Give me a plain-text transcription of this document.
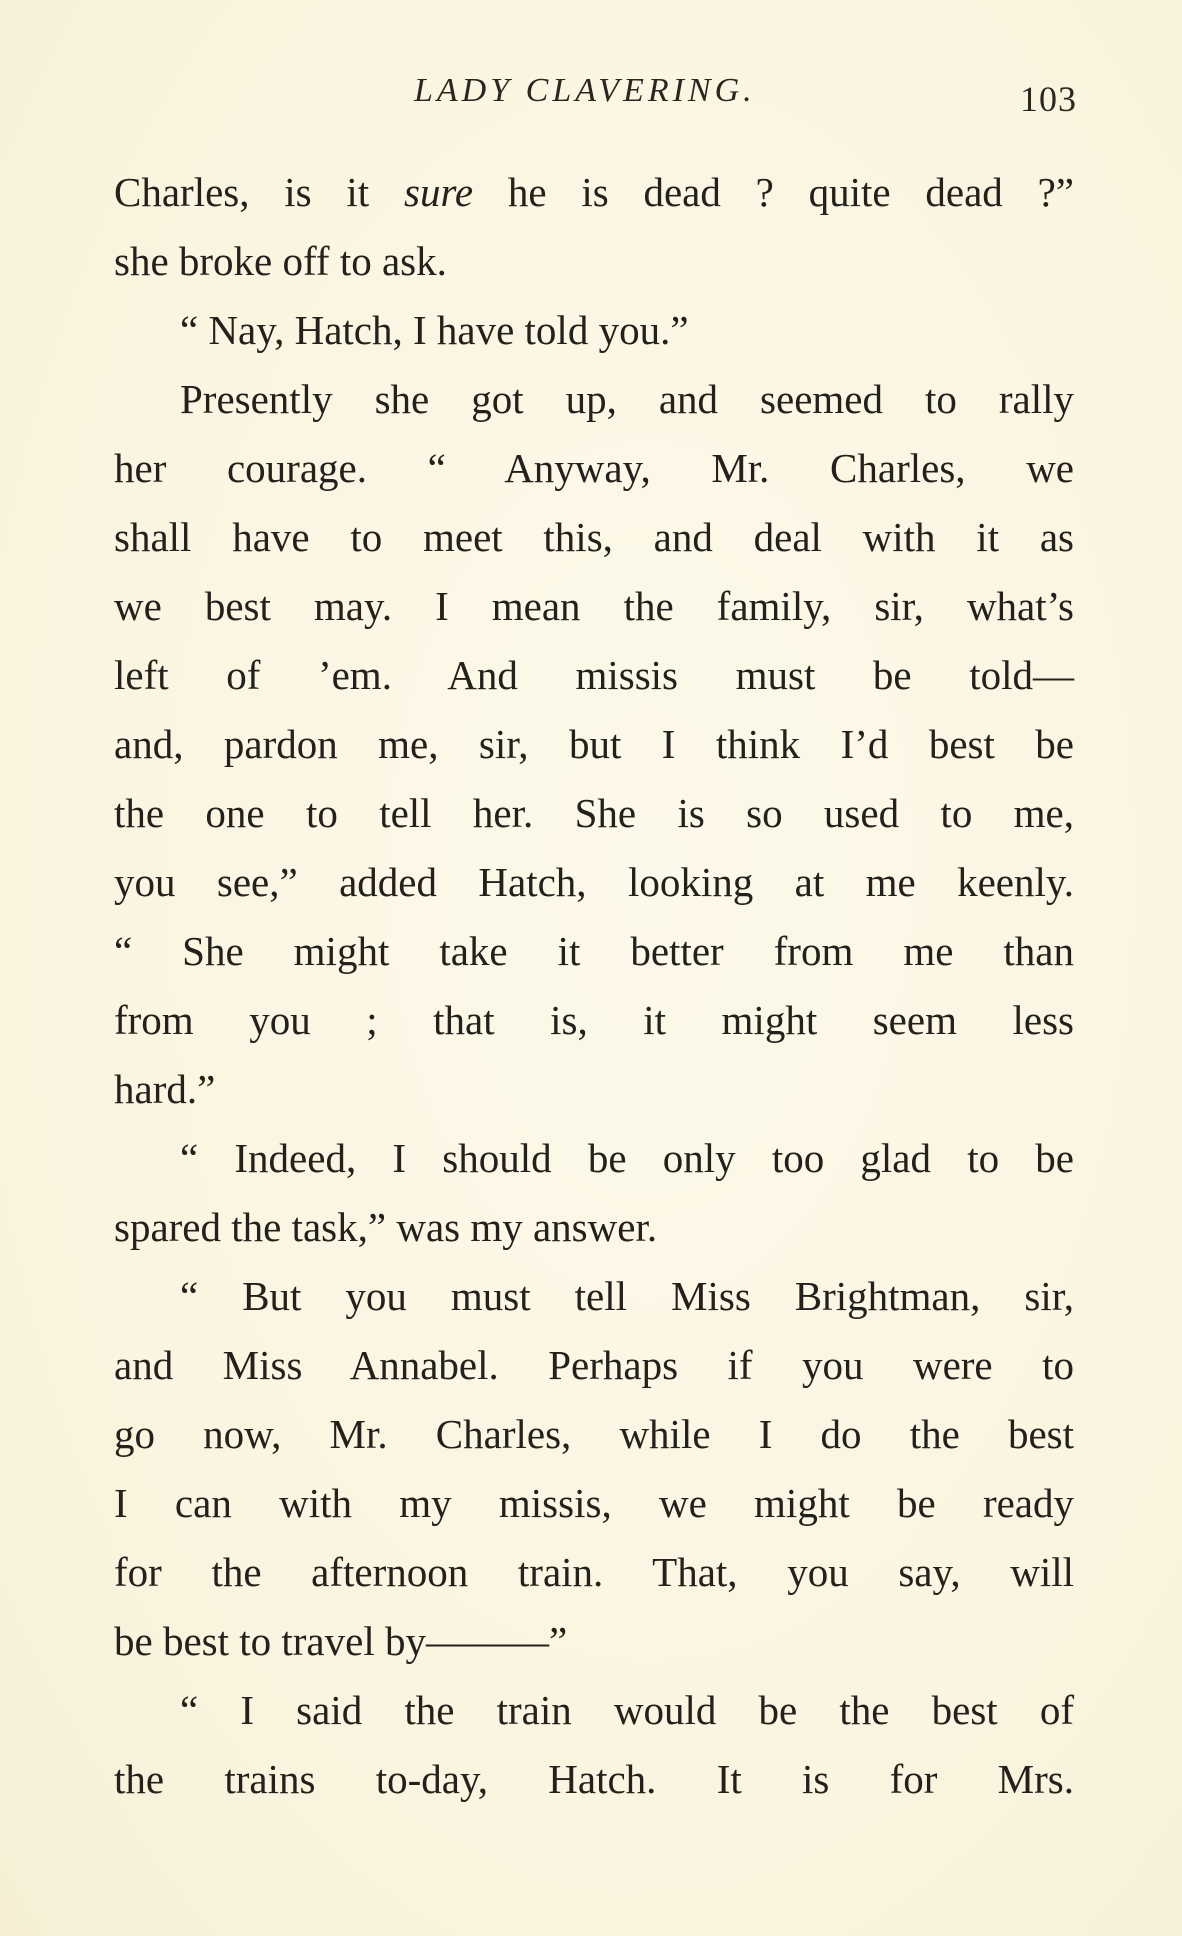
LADY CLAVERING.	103
Charles, is it sure he is dead ? quite dead ?”
she broke off to ask.
“ Nay, Hatch, I have told you.”
Presently she got up, and seemed to rally
her courage. “ Anyway, Mr. Charles, we
shall have to meet this, and deal with it as
we best may. I mean the family, sir, what’s
left of ’em. And missis must be told—
and, pardon me, sir, but I think I’d best be
the one to tell her. She is so used to me,
you see,” added Hatch, looking at me keenly.
“ She might take it better from me than
from you ; that is, it might seem less
hard.”
“ Indeed, I should be only too glad to be
spared the task,” was my answer.
“ But you must tell Miss Brightman, sir,
and Miss Annabel. Perhaps if you were to
go now, Mr. Charles, while I do the best
I can with my missis, we might be ready
for the afternoon train. That, you say, will
be best to travel by———”
“ I said the train would be the best of
the trains to-day, Hatch. It is for Mrs.
